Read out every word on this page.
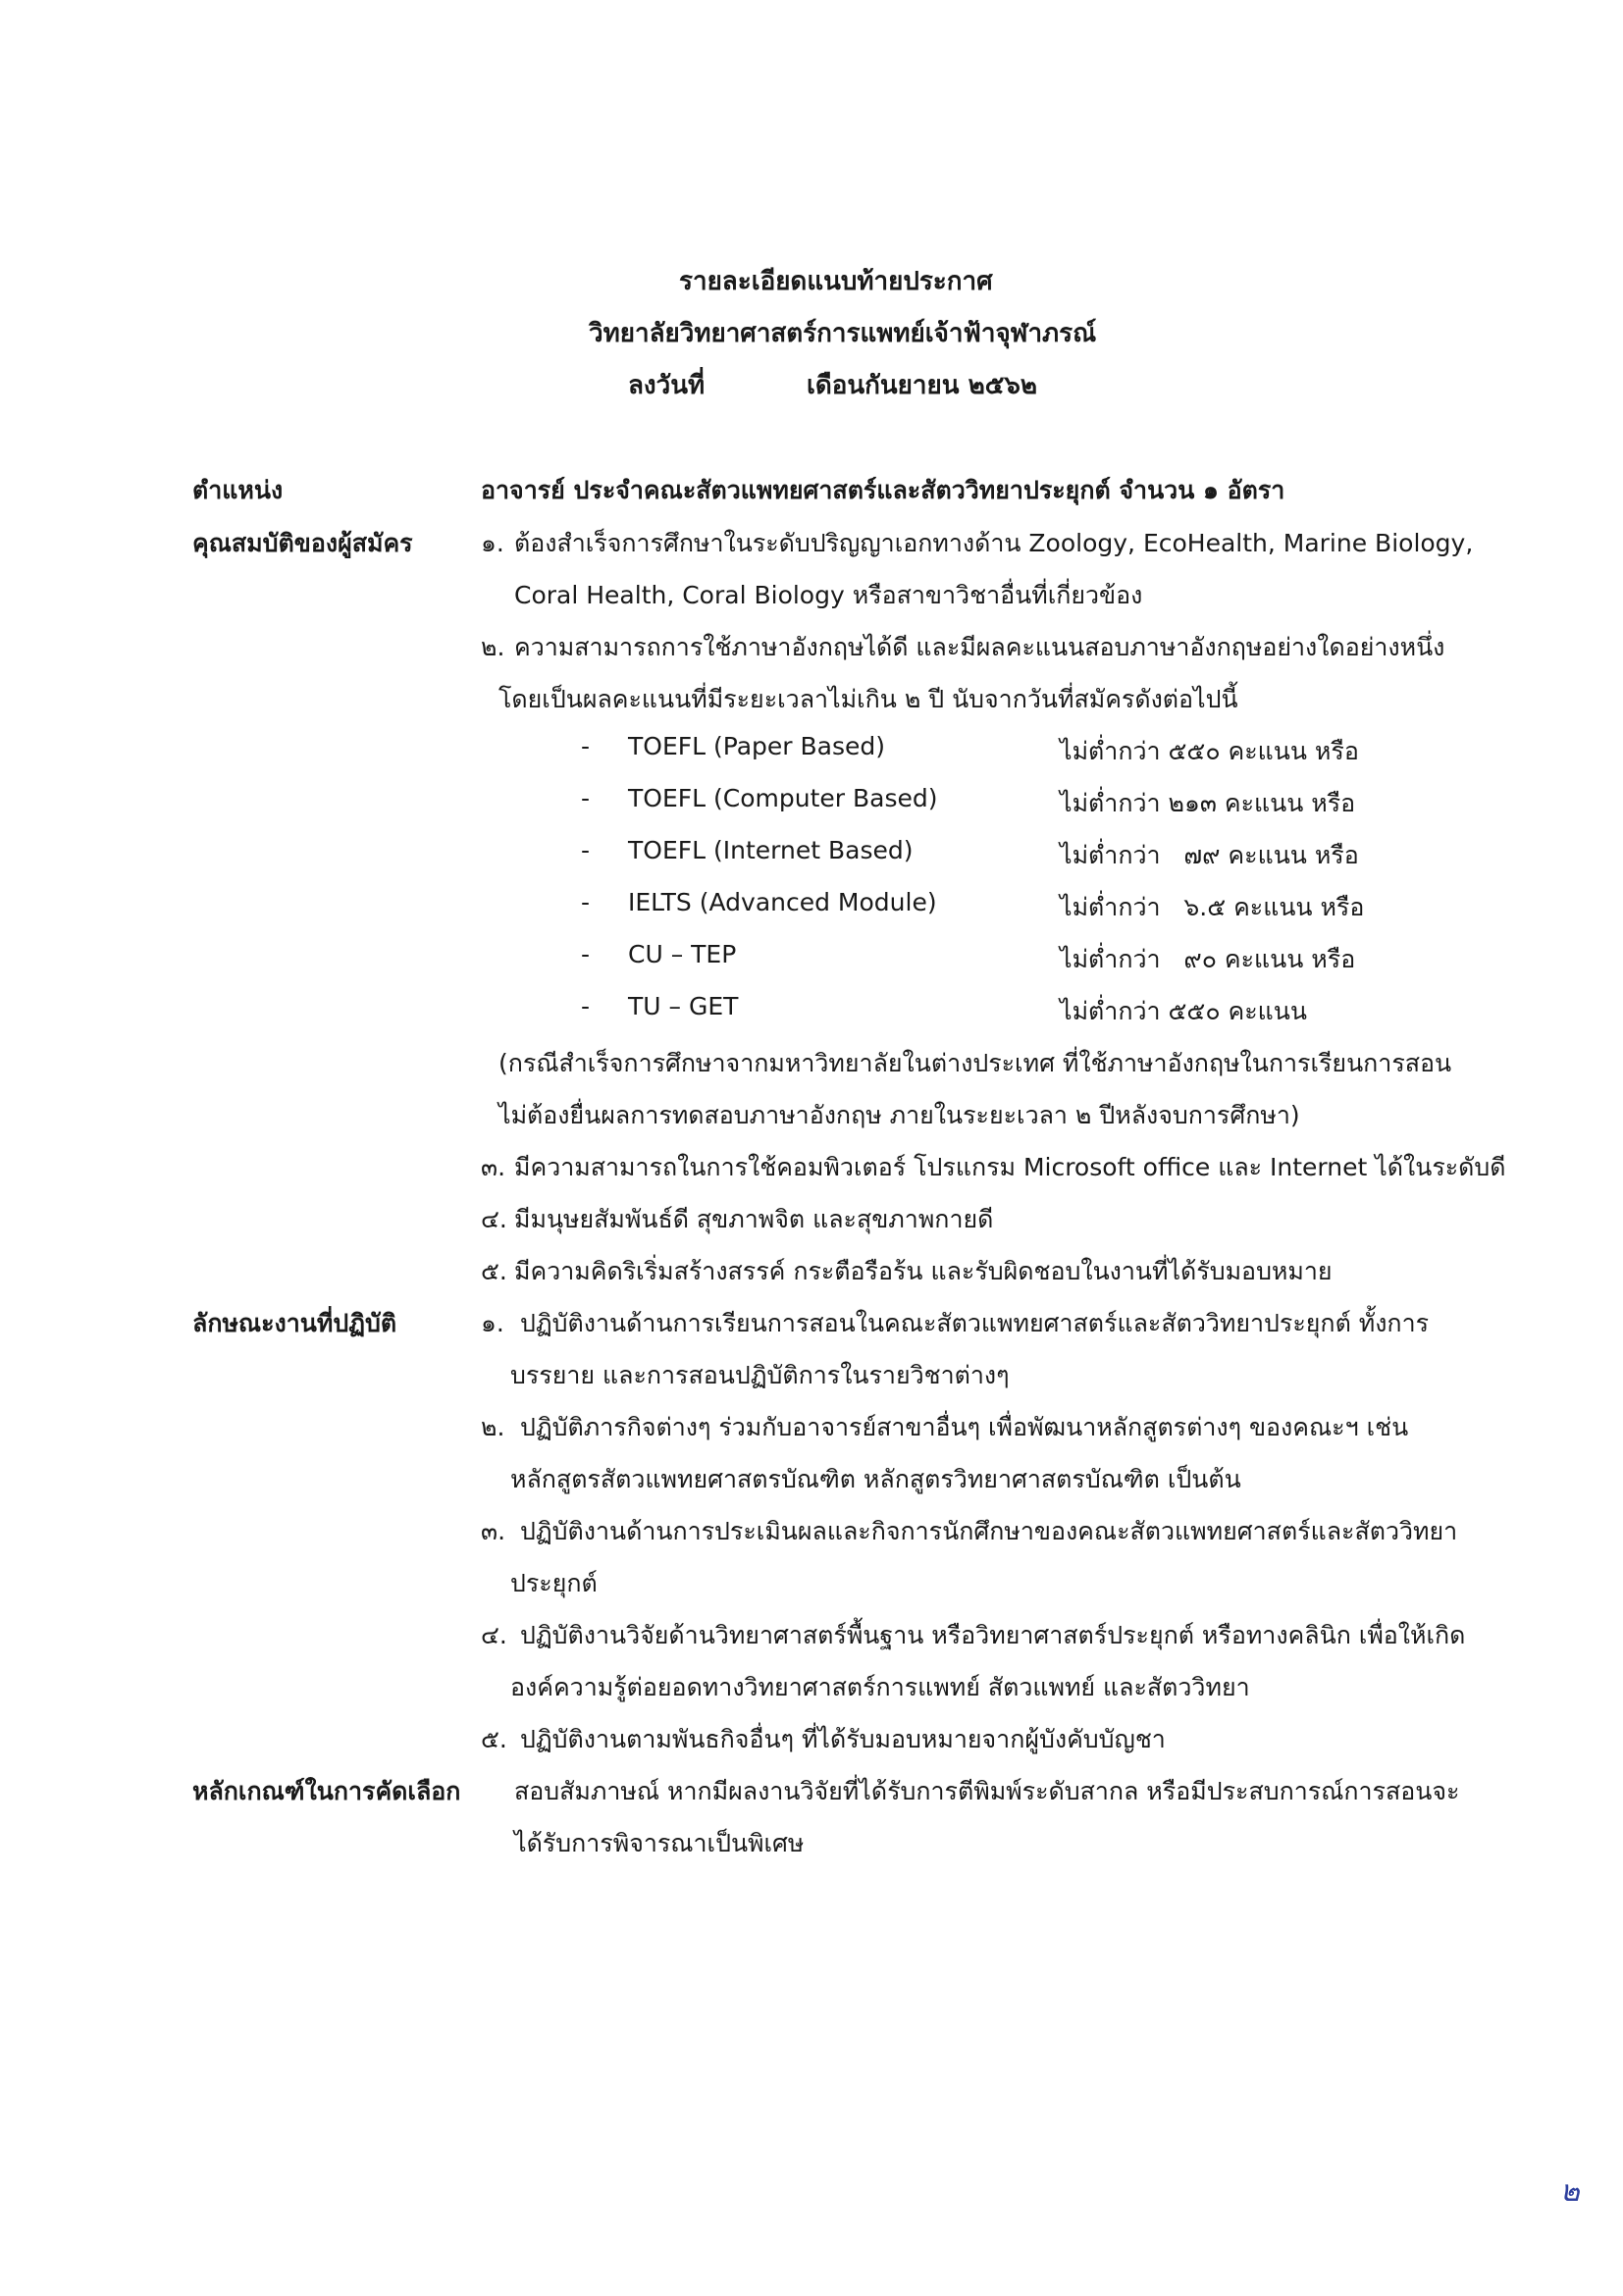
รายละเอียดแนบท้ายประกาศ
วิทยาลัยวิทยาศาสตร์การแพทย์เจ้าฟ้าจุฬาภรณ์
ลงวันที่	เดือนกันยายน ๒๕๖๒
ตำแหน่ง	อาจารย์ ประจำคณะสัตวแพทยศาสตร์และสัตววิทยาประยุกต์ จำนวน ๑ อัตรา
คุณสมบัติของผู้สมัคร	๑. ต้องสำเร็จการศึกษาในระดับปริญญาเอกทางด้าน Zoology, EcoHealth, Marine Biology,
Coral Health, Coral Biology หรือสาขาวิชาอื่นที่เกี่ยวข้อง
๒. ความสามารถการใช้ภาษาอังกฤษได้ดี และมีผลคะแนนสอบภาษาอังกฤษอย่างใดอย่างหนึ่ง
โดยเป็นผลคะแนนที่มีระยะเวลาไม่เกิน ๒ ปี นับจากวันที่สมัครดังต่อไปนี้
- TOEFL (Paper Based)	ไม่ต่ำกว่า ๕๕๐ คะแนน หรือ
- TOEFL (Computer Based)	ไม่ต่ำกว่า ๒๑๓ คะแนน หรือ
- TOEFL (Internet Based)	ไม่ต่ำกว่า   ๗๙ คะแนน หรือ
- IELTS (Advanced Module)	ไม่ต่ำกว่า   ๖.๕ คะแนน หรือ
- CU – TEP	ไม่ต่ำกว่า   ๙๐ คะแนน หรือ
- TU – GET	ไม่ต่ำกว่า ๕๕๐ คะแนน
(กรณีสำเร็จการศึกษาจากมหาวิทยาลัยในต่างประเทศ ที่ใช้ภาษาอังกฤษในการเรียนการสอน
ไม่ต้องยื่นผลการทดสอบภาษาอังกฤษ ภายในระยะเวลา ๒ ปีหลังจบการศึกษา)
๓. มีความสามารถในการใช้คอมพิวเตอร์ โปรแกรม Microsoft office และ Internet ได้ในระดับดี
๔. มีมนุษยสัมพันธ์ดี สุขภาพจิต และสุขภาพกายดี
๕. มีความคิดริเริ่มสร้างสรรค์ กระตือรือร้น และรับผิดชอบในงานที่ได้รับมอบหมาย
ลักษณะงานที่ปฏิบัติ	๑. ปฏิบัติงานด้านการเรียนการสอนในคณะสัตวแพทยศาสตร์และสัตววิทยาประยุกต์ ทั้งการ
บรรยาย และการสอนปฏิบัติการในรายวิชาต่างๆ
๒. ปฏิบัติภารกิจต่างๆ ร่วมกับอาจารย์สาขาอื่นๆ เพื่อพัฒนาหลักสูตรต่างๆ ของคณะฯ เช่น
หลักสูตรสัตวแพทยศาสตรบัณฑิต หลักสูตรวิทยาศาสตรบัณฑิต เป็นต้น
๓. ปฏิบัติงานด้านการประเมินผลและกิจการนักศึกษาของคณะสัตวแพทยศาสตร์และสัตววิทยา
ประยุกต์
๔. ปฏิบัติงานวิจัยด้านวิทยาศาสตร์พื้นฐาน หรือวิทยาศาสตร์ประยุกต์ หรือทางคลินิก เพื่อให้เกิด
องค์ความรู้ต่อยอดทางวิทยาศาสตร์การแพทย์ สัตวแพทย์ และสัตววิทยา
๕. ปฏิบัติงานตามพันธกิจอื่นๆ ที่ได้รับมอบหมายจากผู้บังคับบัญชา
หลักเกณฑ์ในการคัดเลือก สอบสัมภาษณ์ หากมีผลงานวิจัยที่ได้รับการตีพิมพ์ระดับสากล หรือมีประสบการณ์การสอนจะ
ได้รับการพิจารณาเป็นพิเศษ
๒
